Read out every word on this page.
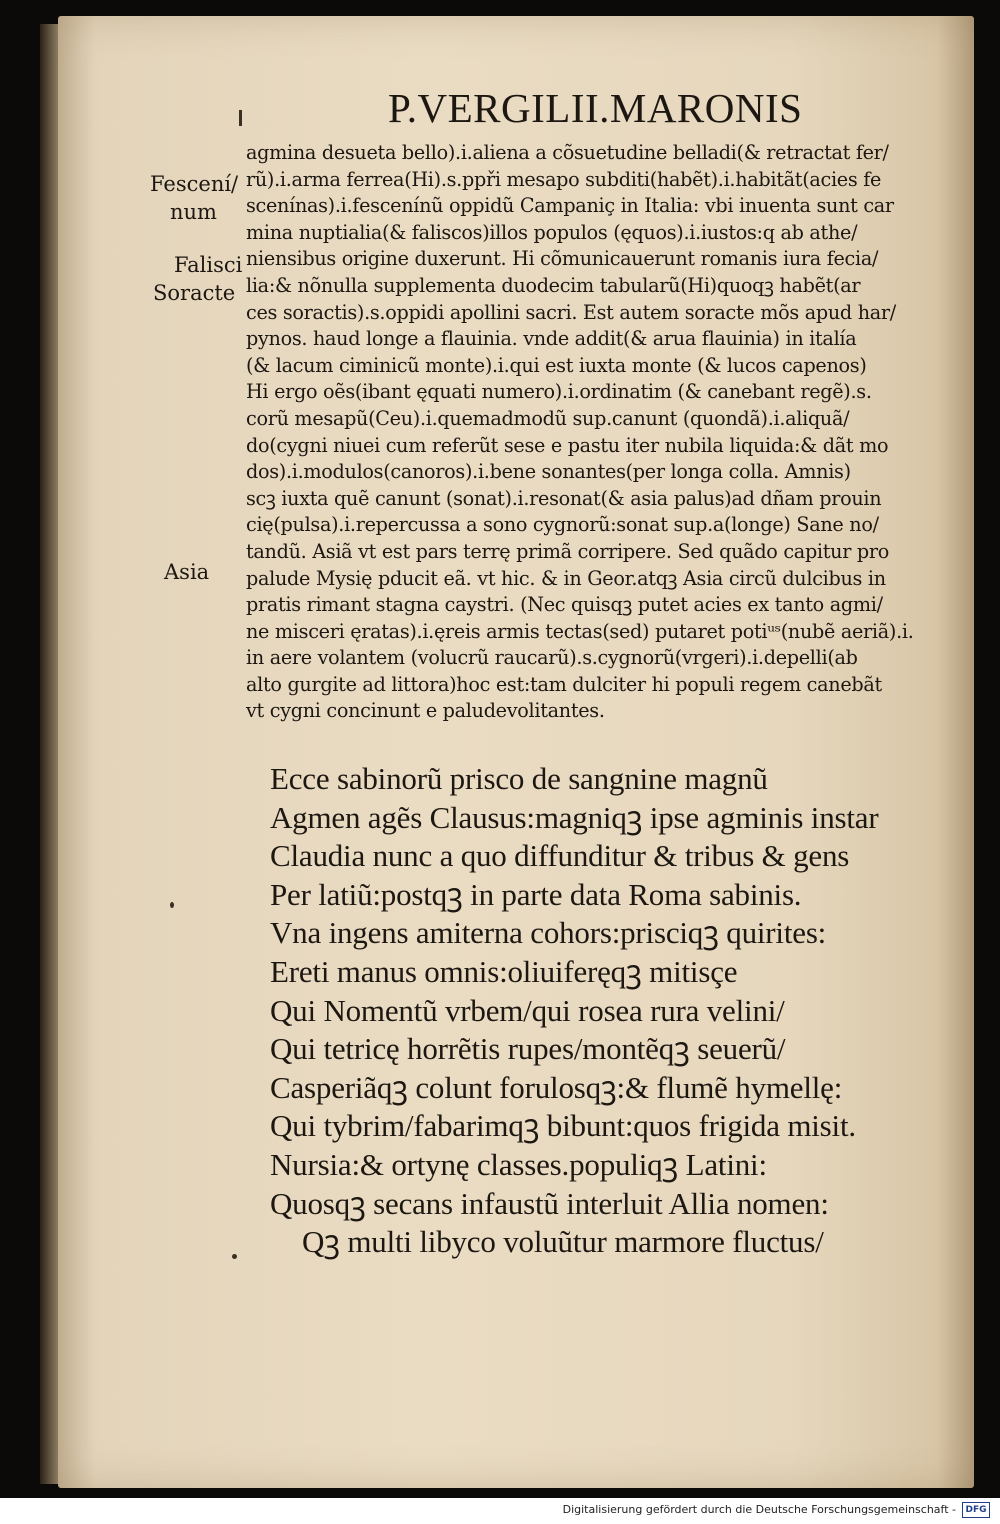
P.VERGILII.MARONIS
Fescení/
num
Falisci
Soracte
Asia
agmina desueta bello).i.aliena a cõsuetudine belladi(& retractat fer/
rũ).i.arma ferrea(Hi).s.ppři mesapo subditi(habẽt).i.habitãt(acies fe
scenínas).i.fescenínũ oppidũ Campaniç in Italia: vbi inuenta sunt car
mina nuptialia(& faliscos)illos populos (ęquos).i.iustos:q ab athe/
niensibus origine duxerunt. Hi cõmunicauerunt romanis iura fecia/
lia:& nõnulla supplementa duodecim tabularũ(Hi)quoqꝫ habẽt(ar
ces soractis).s.oppidi apollini sacri. Est autem soracte mõs apud har/
pynos. haud longe a flauinia. vnde addit(& arua flauinia) in italía
(& lacum ciminicũ monte).i.qui est iuxta monte (& lucos capenos)
Hi ergo oẽs(ibant ęquati numero).i.ordinatim (& canebant regẽ).s.
corũ mesapũ(Ceu).i.quemadmodũ sup.canunt (quondã).i.aliquã/
do(cygni niuei cum referũt sese e pastu iter nubila liquida:& dãt mo
dos).i.modulos(canoros).i.bene sonantes(per longa colla. Amnis)
scꝫ iuxta quẽ canunt (sonat).i.resonat(& asia palus)ad dñam prouin
cię(pulsa).i.repercussa a sono cygnorũ:sonat sup.a(longe) Sane no/
tandũ. Asiã vt est pars terrę primã corripere. Sed quãdo capitur pro
palude Mysię pducit eã. vt hic. & in Geor.atqꝫ Asia circũ dulcibus in
pratis rimant stagna caystri. (Nec quisqꝫ putet acies ex tanto agmi/
ne misceri ęratas).i.ęreis armis tectas(sed) putaret potiᵘˢ(nubẽ aeriã).i.
in aere volantem (volucrũ raucarũ).s.cygnorũ(vrgeri).i.depelli(ab
alto gurgite ad littora)hoc est:tam dulciter hi populi regem canebãt
vt cygni concinunt e paludevolitantes.
Ecce sabinorũ prisco de sangnine magnũ
Agmen agẽs Clausus:magniqꝫ ipse agminis instar
Claudia nunc a quo diffunditur & tribus & gens
Per latiũ:postqꝫ in parte data Roma sabinis.
Vna ingens amiterna cohors:prisciqꝫ quirites:
Ereti manus omnis:oliuiferęqꝫ mitisçe
Qui Nomentũ vrbem/qui rosea rura velini/
Qui tetricę horrẽtis rupes/montẽqꝫ seuerũ/
Casperiãqꝫ colunt forulosqꝫ:& flumẽ hymellę:
Qui tybrim/fabarimqꝫ bibunt:quos frigida misit.
Nursia:& ortynę classes.populiqꝫ Latini:
Quosqꝫ secans infaustũ interluit Allia nomen:
Qꝫ multi libyco voluũtur marmore fluctus/
Digitalisierung gefördert durch die Deutsche Forschungsgemeinschaft -	DFG
